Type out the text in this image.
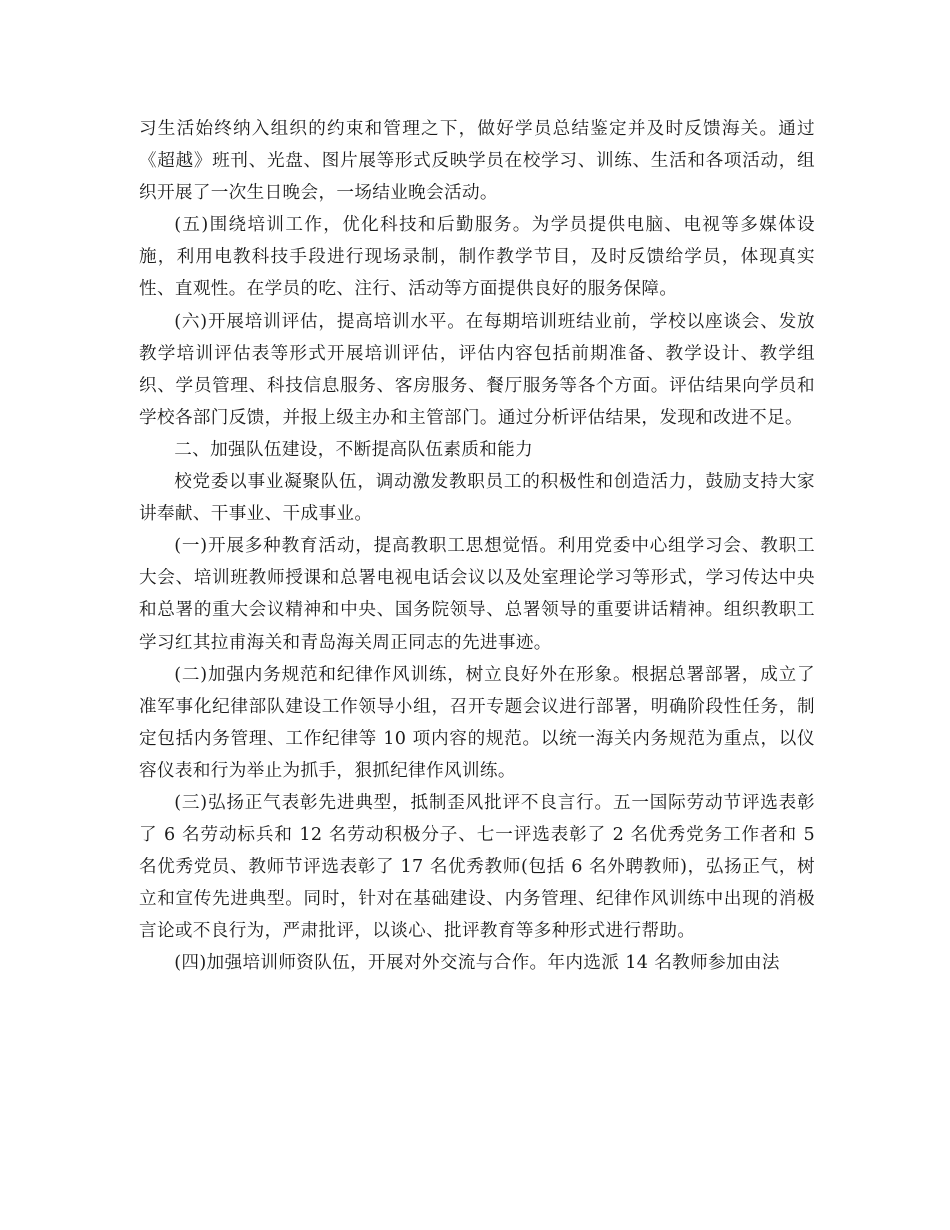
习生活始终纳入组织的约束和管理之下，做好学员总结鉴定并及时反馈海关。通过《超越》班刊、光盘、图片展等形式反映学员在校学习、训练、生活和各项活动，组织开展了一次生日晚会，一场结业晚会活动。

(五)围绕培训工作，优化科技和后勤服务。为学员提供电脑、电视等多媒体设施，利用电教科技手段进行现场录制，制作教学节目，及时反馈给学员，体现真实性、直观性。在学员的吃、注行、活动等方面提供良好的服务保障。

(六)开展培训评估，提高培训水平。在每期培训班结业前，学校以座谈会、发放教学培训评估表等形式开展培训评估，评估内容包括前期准备、教学设计、教学组织、学员管理、科技信息服务、客房服务、餐厅服务等各个方面。评估结果向学员和学校各部门反馈，并报上级主办和主管部门。通过分析评估结果，发现和改进不足。

二、加强队伍建设，不断提高队伍素质和能力

校党委以事业凝聚队伍，调动激发教职员工的积极性和创造活力，鼓励支持大家讲奉献、干事业、干成事业。

(一)开展多种教育活动，提高教职工思想觉悟。利用党委中心组学习会、教职工大会、培训班教师授课和总署电视电话会议以及处室理论学习等形式，学习传达中央和总署的重大会议精神和中央、国务院领导、总署领导的重要讲话精神。组织教职工学习红其拉甫海关和青岛海关周正同志的先进事迹。

(二)加强内务规范和纪律作风训练，树立良好外在形象。根据总署部署，成立了准军事化纪律部队建设工作领导小组，召开专题会议进行部署，明确阶段性任务，制定包括内务管理、工作纪律等 10 项内容的规范。以统一海关内务规范为重点，以仪容仪表和行为举止为抓手，狠抓纪律作风训练。

(三)弘扬正气表彰先进典型，抵制歪风批评不良言行。五一国际劳动节评选表彰了 6 名劳动标兵和 12 名劳动积极分子、七一评选表彰了 2 名优秀党务工作者和 5 名优秀党员、教师节评选表彰了 17 名优秀教师(包括 6 名外聘教师)，弘扬正气，树立和宣传先进典型。同时，针对在基础建设、内务管理、纪律作风训练中出现的消极言论或不良行为，严肃批评，以谈心、批评教育等多种形式进行帮助。

(四)加强培训师资队伍，开展对外交流与合作。年内选派 14 名教师参加由法
